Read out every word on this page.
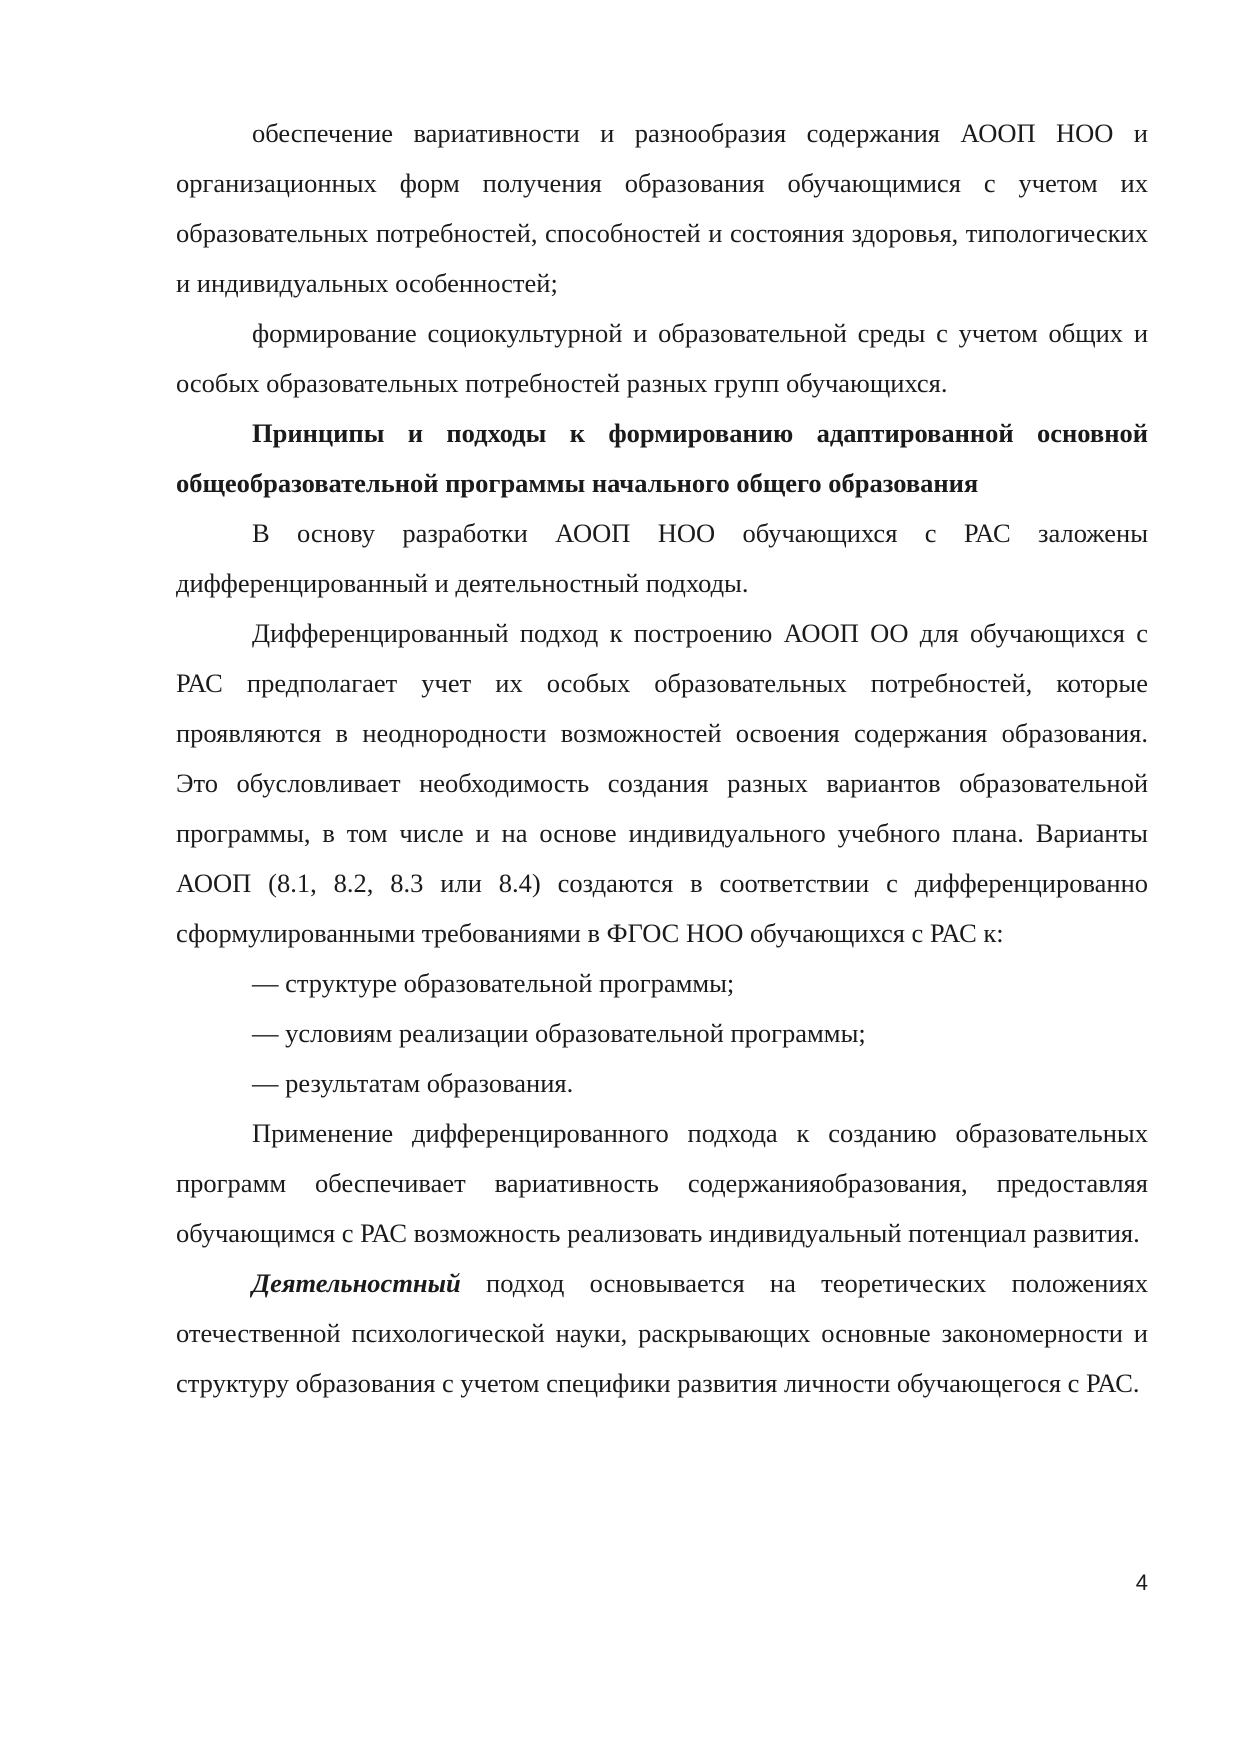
обеспечение вариативности и разнообразия содержания АООП НОО и организационных форм получения образования обучающимися с учетом их образовательных потребностей, способностей и состояния здоровья, типологических и индивидуальных особенностей;

формирование социокультурной и образовательной среды с учетом общих и особых образовательных потребностей разных групп обучающихся.

Принципы и подходы к формированию адаптированной основной общеобразовательной программы начального общего образования

В основу разработки АООП НОО обучающихся с РАС заложены дифференцированный и деятельностный подходы.

Дифференцированный подход к построению АООП ОО для обучающихся с РАС предполагает учет их особых образовательных потребностей, которые проявляются в неоднородности возможностей освоения содержания образования. Это обусловливает необходимость создания разных вариантов образовательной программы, в том числе и на основе индивидуального учебного плана. Варианты АООП (8.1, 8.2, 8.3 или 8.4) создаются в соответствии с дифференцированно сформулированными требованиями в ФГОС НОО обучающихся с РАС к:

— структуре образовательной программы;

— условиям реализации образовательной программы;

— результатам образования.

Применение дифференцированного подхода к созданию образовательных программ обеспечивает вариативность содержанияобразования, предоставляя обучающимся с РАС возможность реализовать индивидуальный потенциал развития.

Деятельностный подход основывается на теоретических положениях отечественной психологической науки, раскрывающих основные закономерности и структуру образования с учетом специфики развития личности обучающегося с РАС.

4
